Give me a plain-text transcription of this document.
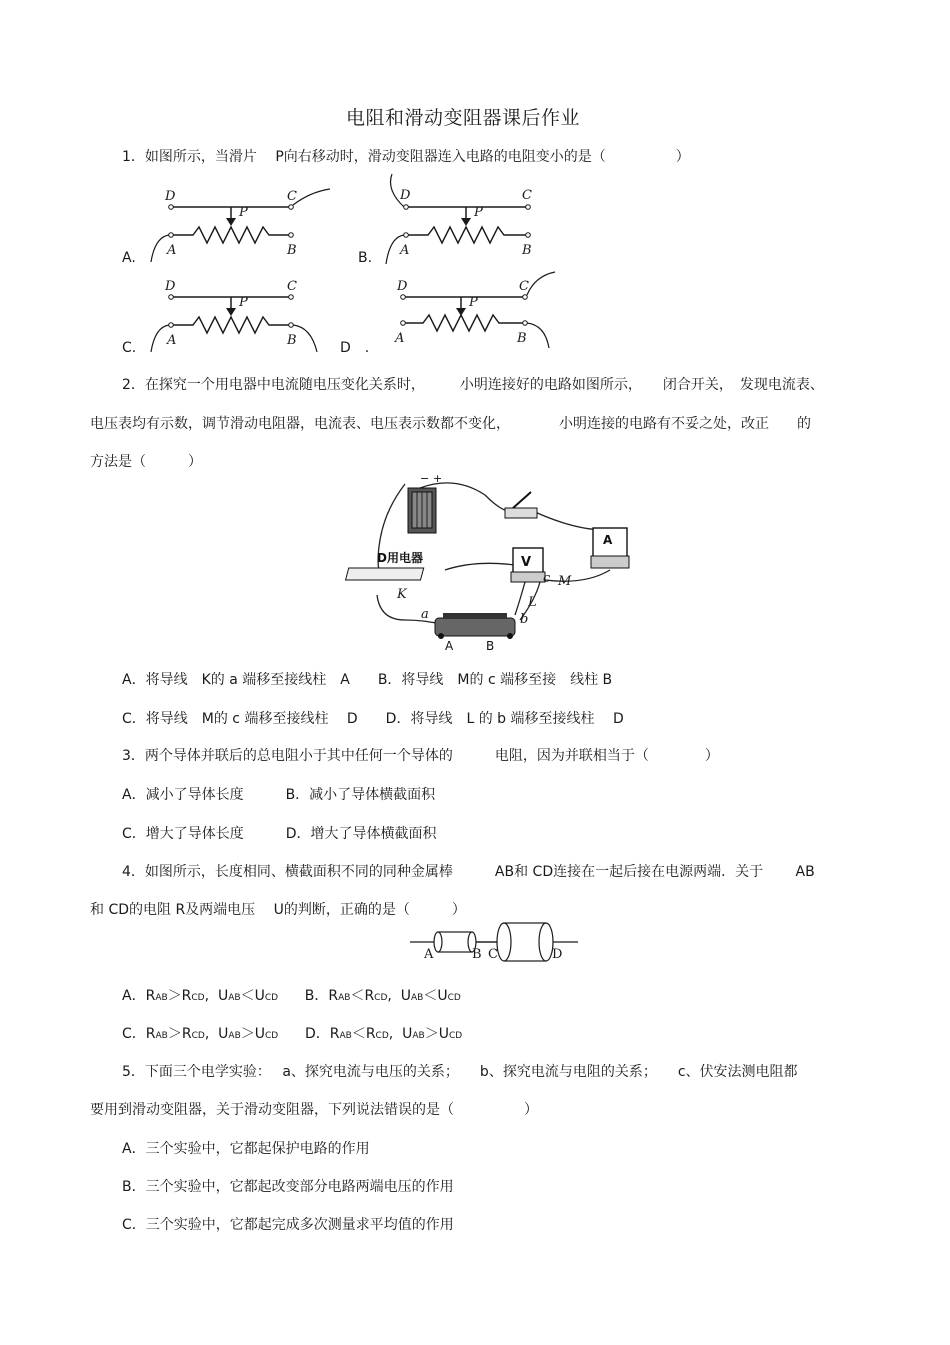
电阻和滑动变阻器课后作业
1．如图所示，当滑片　 P向右移动时，滑动变阻器连入电路的电阻变小的是（　　　　　）
D	C
P
A	B
A.
D	C
P
A	B
B.
D	C
P
A	B
C.
D	C
P
A	B
D　.
2．在探究一个用电器中电流随电压变化关系时，　　　小明连接好的电路如图所示，　　闭合开关，　发现电流表、
电压表均有示数，调节滑动电阻器，电流表、电压表示数都不变化，　　　　小明连接的电路有不妥之处，改正　　的
方法是（　　　）
− +
D用电器	V
A
K
M
L
a	b
c
A	B
A．将导线　K的 a 端移至接线柱　A　　B．将导线　M的 c 端移至接　线柱 B
C．将导线　M的 c 端移至接线柱　 D　　D．将导线　L 的 b 端移至接线柱　 D
3．两个导体并联后的总电阻小于其中任何一个导体的　　　电阻，因为并联相当于（　　　　）
A．减小了导体长度　　　B．减小了导体横截面积
C．增大了导体长度　　　D．增大了导体横截面积
4．如图所示，长度相同、横截面积不同的同种金属棒　　　AB和 CD连接在一起后接在电源两端．关于　　 AB
和 CD的电阻 R及两端电压　 U的判断，正确的是（　　　）
A	B C	D
A．RAB＞RCD,  UAB＜UCD B．RAB＜RCD,  UAB＜UCD
C．RAB＞RCD,  UAB＞UCD D．RAB＜RCD,  UAB＞UCD
5．下面三个电学实验：　 a、探究电流与电压的关系；　　b、探究电流与电阻的关系；　　c、伏安法测电阻都
要用到滑动变阻器，关于滑动变阻器，下列说法错误的是（　　　　　）
A．三个实验中，它都起保护电路的作用
B．三个实验中，它都起改变部分电路两端电压的作用
C．三个实验中，它都起完成多次测量求平均值的作用
